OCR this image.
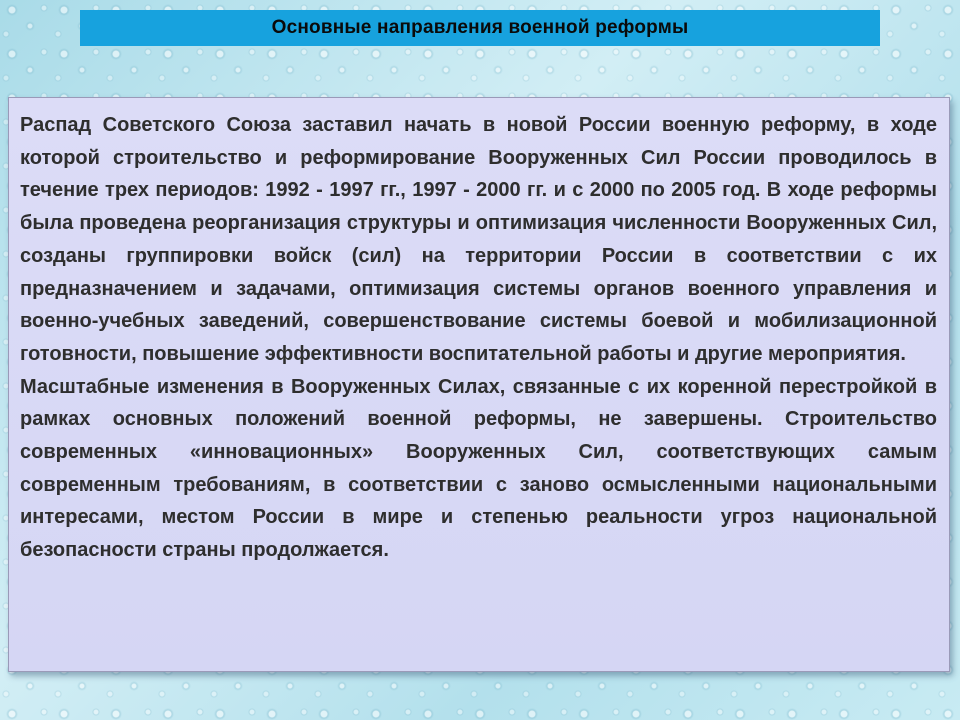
Основные направления военной реформы

Распад Советского Союза заставил начать в новой России военную реформу, в ходе которой строительство и реформирование Вооруженных Сил России проводилось в течение трех периодов: 1992 - 1997 гг., 1997 - 2000 гг. и с 2000 по 2005 год. В ходе реформы была проведена реорганизация структуры и оптимизация численности Вооруженных Сил, созданы группировки войск (сил) на территории России в соответствии с их предназначением и задачами, оптимизация системы органов военного управления и военно-учебных заведений, совершенствование системы боевой и мобилизационной готовности, повышение эффективности воспитательной работы и другие мероприятия.

Масштабные изменения в Вооруженных Силах, связанные с их коренной перестройкой в рамках основных положений военной реформы, не завершены. Строительство современных «инновационных» Вооруженных Сил, соответствующих самым современным требованиям, в соответствии с заново осмысленными национальными интересами, местом России в мире и степенью реальности угроз национальной безопасности страны продолжается.
